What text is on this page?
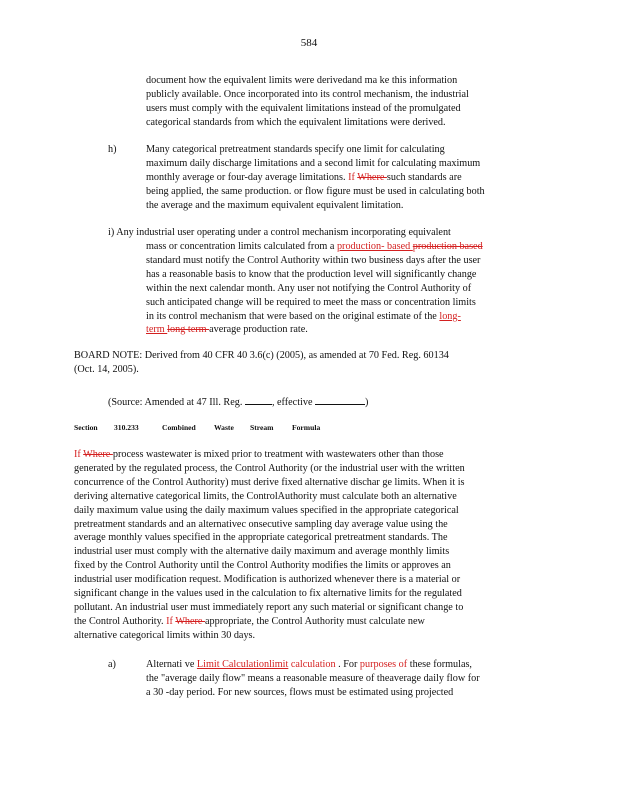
584
document how the equivalent limits were derivedand ma ke this information
publicly available. Once incorporated into its control mechanism, the industrial
users must comply with the equivalent limitations instead of the promulgated
categorical standards from which the equivalent limitations were derived.
h)	Many categorical pretreatment standards specify one limit for calculating
maximum daily discharge limitations and a second limit for calculating maximum
monthly average or four-day average limitations. If Where such standards are
being applied, the same production. or flow figure must be used in calculating both
the average and the maximum equivalent equivalent limitation.
i) Any industrial user operating under a control mechanism incorporating equivalent
mass or concentration limits calculated from a production- based production based
standard must notify the Control Authority within two business days after the user
has a reasonable basis to know that the production level will significantly change
within the next calendar month. Any user not notifying the Control Authority of
such anticipated change will be required to meet the mass or concentration limits
in its control mechanism that were based on the original estimate of the long-
term long term average production rate.
BOARD NOTE: Derived from 40 CFR 40 3.6(c) (2005), as amended at 70 Fed. Reg. 60134
(Oct. 14, 2005).
(Source: Amended at 47 Ill. Reg.	, effective	)
Section 310.233	Combined Waste Stream Formula
If Where process wastewater is mixed prior to treatment with wastewaters other than those
generated by the regulated process, the Control Authority (or the industrial user with the written
concurrence of the Control Authority) must derive fixed alternative dischar ge limits. When it is
deriving alternative categorical limits, the ControlAuthority must calculate both an alternative
daily maximum value using the daily maximum values specified in the appropriate categorical
pretreatment standards and an alternativec onsecutive sampling day average value using the
average monthly values specified in the appropriate categorical pretreatment standards. The
industrial user must comply with the alternative daily maximum and average monthly limits
fixed by the Control Authority until the Control Authority modifies the limits or approves an
industrial user modification request. Modification is authorized whenever there is a material or
significant change in the values used in the calculation to fix alternative limits for the regulated
pollutant. An industrial user must immediately report any such material or significant change to
the Control Authority. If Where appropriate, the Control Authority must calculate new
alternative categorical limits within 30 days.
a)	Alternati ve Limit Calculationlimit calculation . For purposes of these formulas,
the "average daily flow" means a reasonable measure of theaverage daily flow for
a 30 -day period. For new sources, flows must be estimated using projected
